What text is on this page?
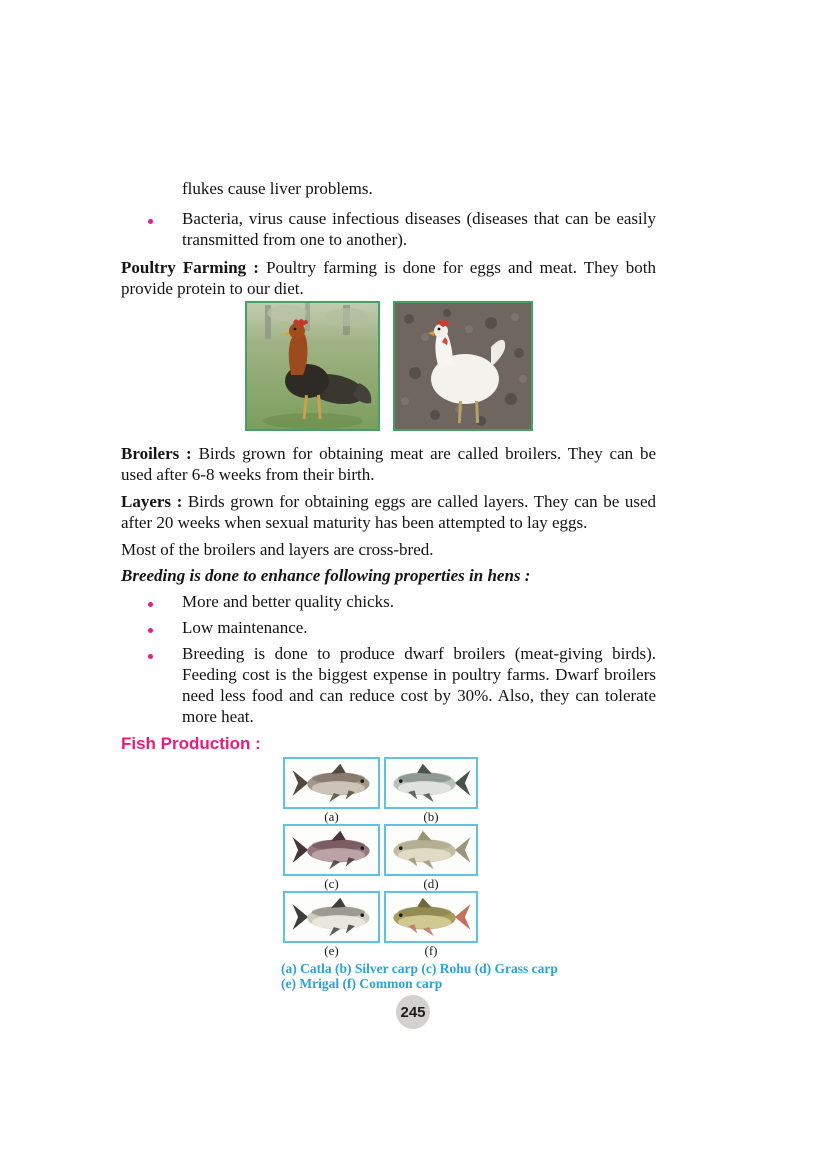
flukes cause liver problems.

Bacteria, virus cause infectious diseases (diseases that can be easily transmitted from one to another).

Poultry Farming : Poultry farming is done for eggs and meat. They both provide protein to our diet.

Broilers : Birds grown for obtaining meat are called broilers. They can be used after 6-8 weeks from their birth.

Layers : Birds grown for obtaining eggs are called layers. They can be used after 20 weeks when sexual maturity has been attempted to lay eggs.

Most of the broilers and layers are cross-bred.

Breeding is done to enhance following properties in hens :

More and better quality chicks.

Low maintenance.

Breeding is done to produce dwarf broilers (meat-giving birds). Feeding cost is the biggest expense in poultry farms. Dwarf broilers need less food and can reduce cost by 30%. Also, they can tolerate more heat.

Fish Production :

(a)	(b)
(c)	(d)
(e)	(f)

(a) Catla (b) Silver carp (c) Rohu (d) Grass carp
(e) Mrigal (f) Common carp

245
